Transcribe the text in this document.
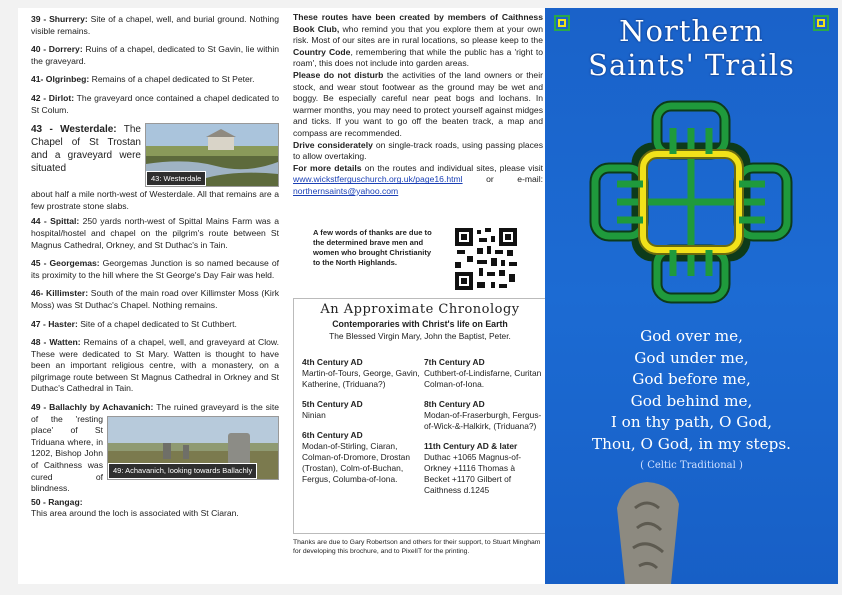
39 - Shurrery: Site of a chapel, well, and burial ground. Nothing visible remains.

40 - Dorrery: Ruins of a chapel, dedicated to St Gavin, lie within the graveyard.

41- Olgrinbeg: Remains of a chapel dedicated to St Peter.

42 - Dirlot: The graveyard once contained a chapel dedicated to St Colum.

43: Westerdale
43 - Westerdale: The Chapel of St Trostan and a graveyard were situated
about half a mile north-west of Westerdale. All that remains are a few prostrate stone slabs.

44 - Spittal: 250 yards north-west of Spittal Mains Farm was a hospital/hostel and chapel on the pilgrim's route between St Magnus Cathedral, Orkney, and St Duthac's in Tain.

45 - Georgemas: Georgemas Junction is so named because of its proximity to the hill where the St George's Day Fair was held.

46- Killimster: South of the main road over Killimster Moss (Kirk Moss) was St Duthac's Chapel. Nothing remains.

47 - Haster: Site of a chapel dedicated to St Cuthbert.

48 - Watten: Remains of a chapel, well, and graveyard at Clow. These were dedicated to St Mary. Watten is thought to have been an important religious centre, with a monastery, on a pilgrimage route between St Magnus Cathedral in Orkney and St Duthac's Cathedral in Tain.

49 - Ballachly by Achavanich:
49: Achavanich, looking towards Ballachly
The ruined graveyard is the site of the 'resting place' of St Triduana where, in 1202, Bishop John of Caithness was cured of blindness.

50 - Rangag:
This area around the loch is associated with St Ciaran.

These routes have been created by members of Caithness Book Club, who remind you that you explore them at your own risk. Most of our sites are in rural locations, so please keep to the Country Code, remembering that while the public has a 'right to roam', this does not include into garden areas.

Please do not disturb the activities of the land owners or their stock, and wear stout footwear as the ground may be wet and boggy. Be especially careful near peat bogs and lochans. In warmer months, you may need to protect yourself against midges and ticks. If you want to go off the beaten track, a map and compass are recommended.

Drive considerately on single-track roads, using passing places to allow overtaking.

For more details on the routes and individual sites, please visit www.wickstferguschurch.org.uk/page16.html or e-mail: northernsaints@yahoo.com

A few words of thanks are due to the determined brave men and women who brought Christianity to the North Highlands.
An Approximate Chronology
Contemporaries with Christ's life on Earth
The Blessed Virgin Mary, John the Baptist, Peter.
4th Century AD
Martin-of-Tours, George, Gavin, Katherine, (Triduana?)
5th Century AD
Ninian
6th Century AD
Modan-of-Stirling, Ciaran, Colman-of-Dromore, Drostan (Trostan), Colm-of-Buchan, Fergus, Columba-of-Iona.
7th Century AD
Cuthbert-of-Lindisfarne, Curitan Colman-of-Iona.
8th Century AD
Modan-of-Fraserburgh, Fergus-of-Wick-&-Halkirk, (Triduana?)
11th Century AD & later
Duthac +1065 Magnus-of-Orkney +1116 Thomas à Becket +1170 Gilbert of Caithness d.1245
Thanks are due to Gary Robertson and others for their support, to Stuart Mingham for developing this brochure, and to PixelIT for the printing.
Northern
Saints' Trails
God over me,
God under me,
God before me,
God behind me,
I on thy path, O God,
Thou, O God, in my steps.
( Celtic Traditional )
